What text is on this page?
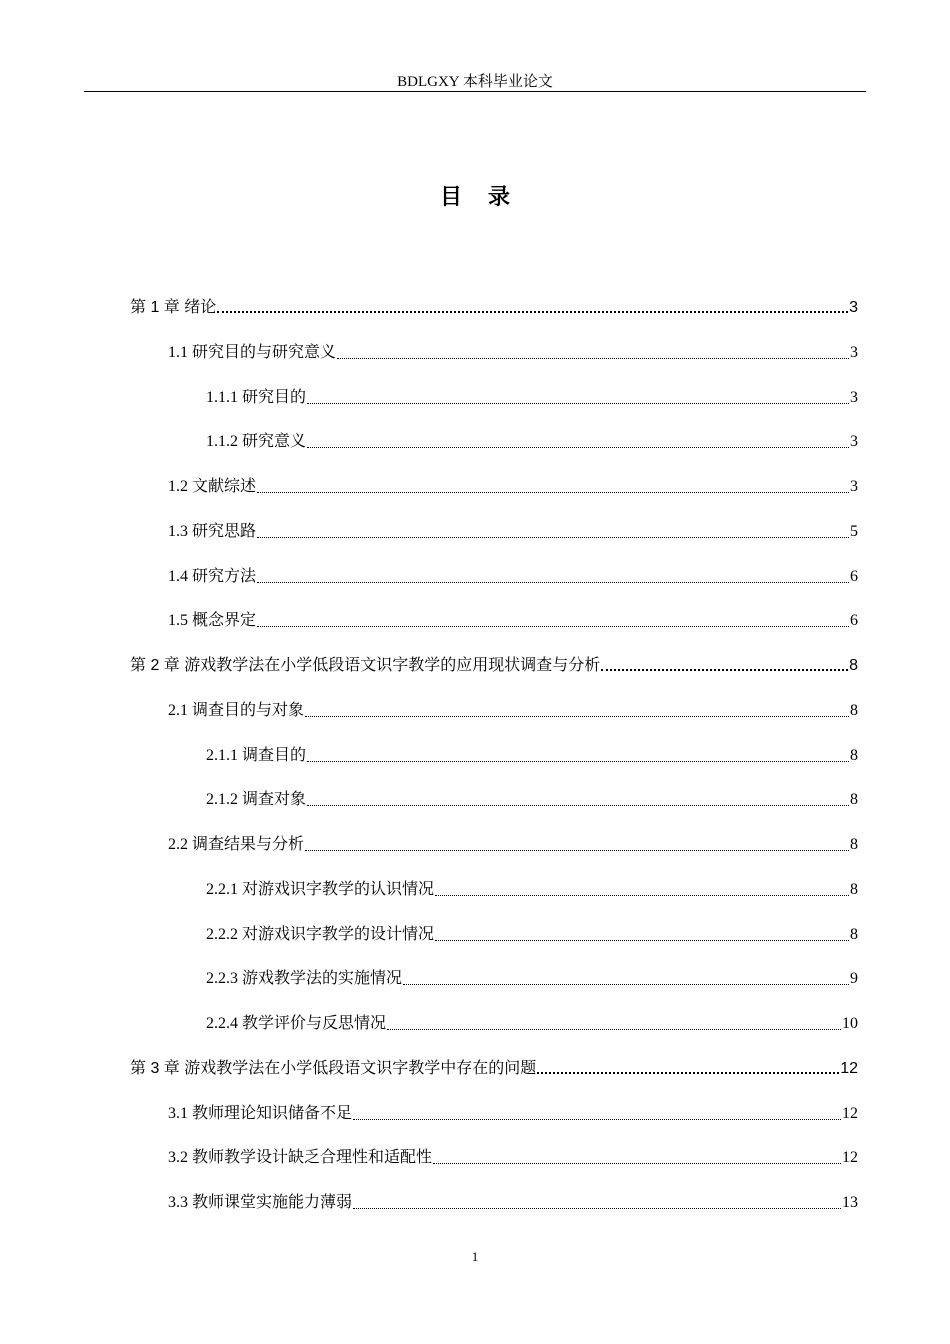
BDLGXY 本科毕业论文
目录
第 1 章 绪论	3
1.1 研究目的与研究意义	3
1.1.1 研究目的	3
1.1.2 研究意义	3
1.2 文献综述	3
1.3 研究思路	5
1.4 研究方法	6
1.5 概念界定	6
第 2 章 游戏教学法在小学低段语文识字教学的应用现状调查与分析	8
2.1 调查目的与对象	8
2.1.1 调查目的	8
2.1.2 调查对象	8
2.2 调查结果与分析	8
2.2.1 对游戏识字教学的认识情况	8
2.2.2 对游戏识字教学的设计情况	8
2.2.3 游戏教学法的实施情况	9
2.2.4 教学评价与反思情况	10
第 3 章 游戏教学法在小学低段语文识字教学中存在的问题	12
3.1 教师理论知识储备不足	12
3.2 教师教学设计缺乏合理性和适配性	12
3.3 教师课堂实施能力薄弱	13
1
